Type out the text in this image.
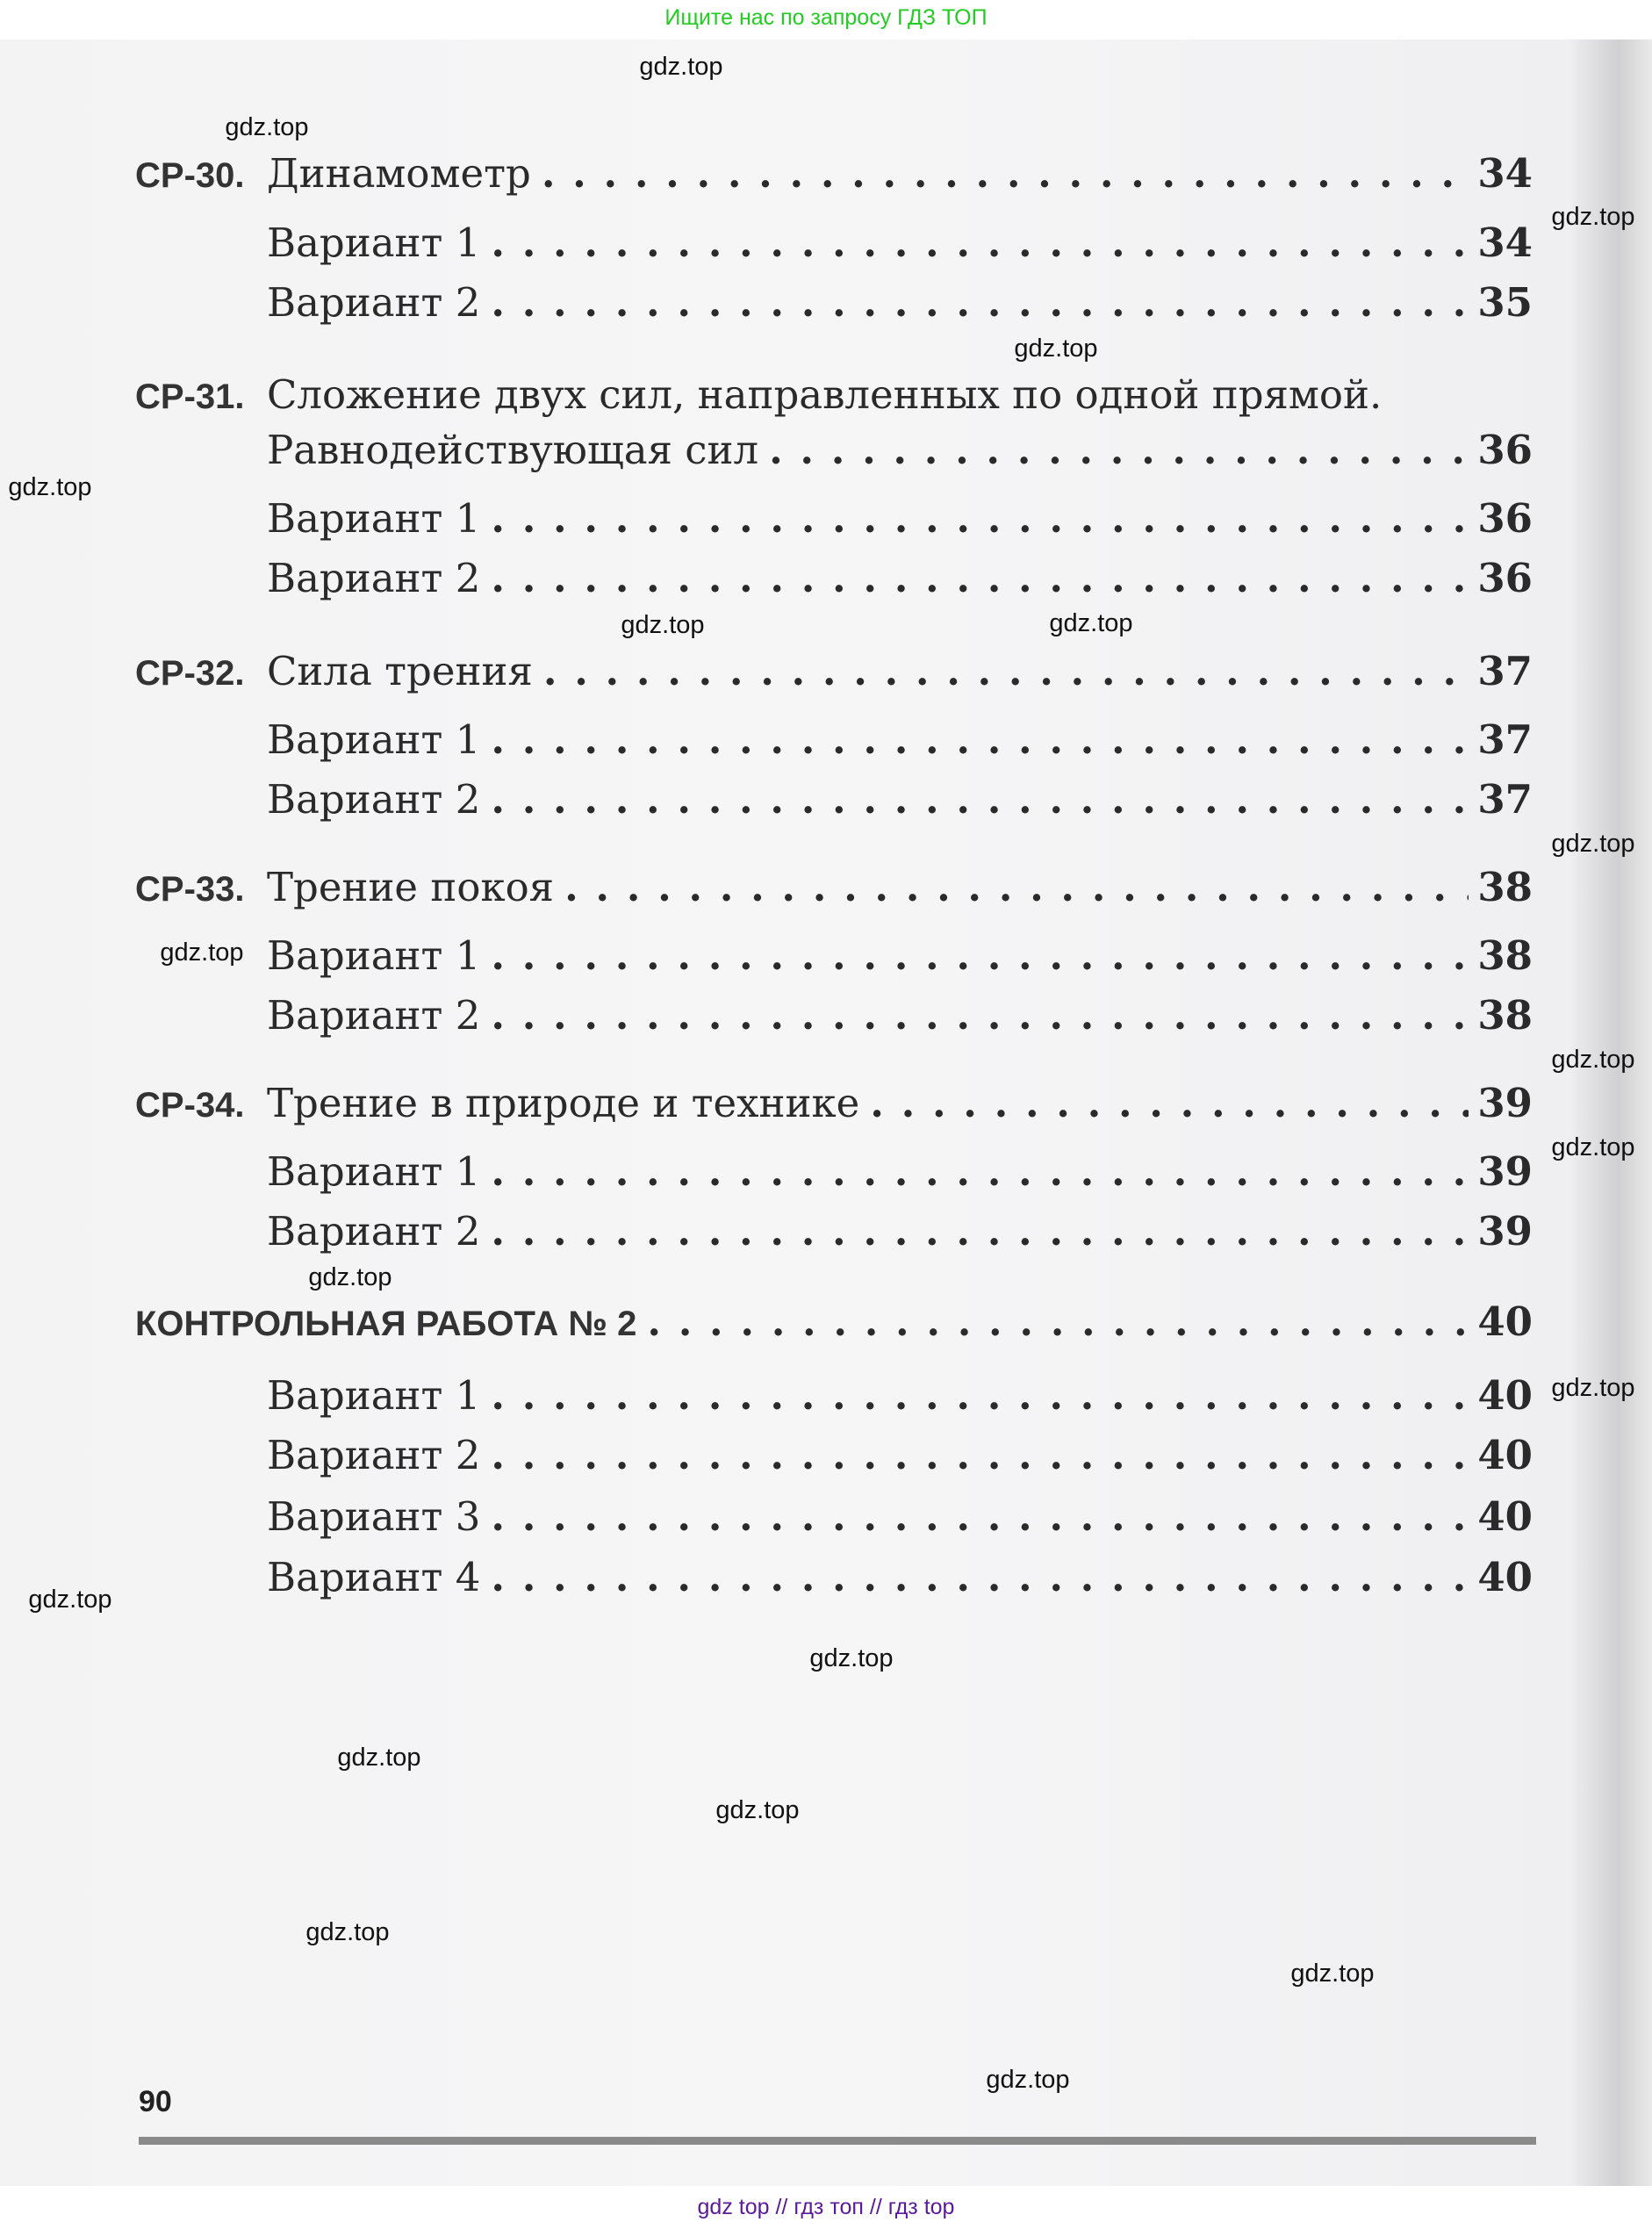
Ищите нас по запросу ГДЗ ТОП
СР-30. Динамометр . . .	34
Вариант 1 . . .	34
Вариант 2 . . .	35
СР-31. Сложение двух сил, направленных по одной прямой.
Равнодействующая сил . . .	36
Вариант 1 . . .	36
Вариант 2 . . .	36
СР-32. Сила трения . . .	37
Вариант 1 . . .	37
Вариант 2 . . .	37
СР-33. Трение покоя . . .	38
Вариант 1 . . .	38
Вариант 2 . . .	38
СР-34. Трение в природе и технике . . .	39
Вариант 1 . . .	39
Вариант 2 . . .	39
КОНТРОЛЬНАЯ РАБОТА № 2 . . .	40
Вариант 1 . . .	40
Вариант 2 . . .	40
Вариант 3 . . .	40
Вариант 4 . . .	40
90
gdz.top
gdz.top
gdz.top
gdz.top
gdz.top
gdz.top
gdz.top
gdz.top
gdz.top
gdz.top
gdz.top
gdz.top
gdz.top
gdz.top
gdz.top
gdz.top
gdz.top
gdz.top
gdz.top
gdz.top
gdz top // гдз топ // гдз top
